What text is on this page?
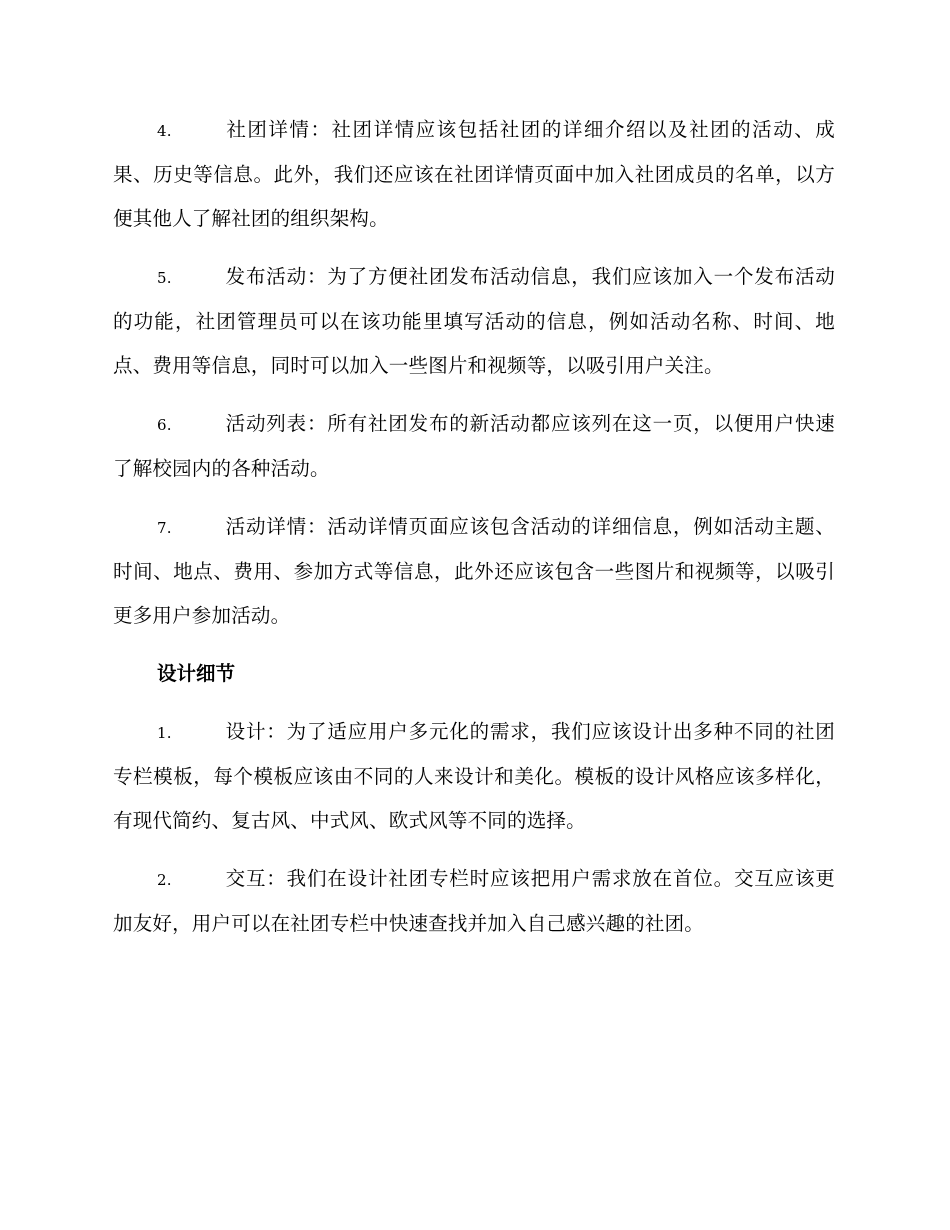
4.	社团详情：社团详情应该包括社团的详细介绍以及社团的活动、成果、历史等信息。此外，我们还应该在社团详情页面中加入社团成员的名单，以方便其他人了解社团的组织架构。

5.	发布活动：为了方便社团发布活动信息，我们应该加入一个发布活动的功能，社团管理员可以在该功能里填写活动的信息，例如活动名称、时间、地点、费用等信息，同时可以加入一些图片和视频等，以吸引用户关注。

6.	活动列表：所有社团发布的新活动都应该列在这一页，以便用户快速了解校园内的各种活动。

7.	活动详情：活动详情页面应该包含活动的详细信息，例如活动主题、时间、地点、费用、参加方式等信息，此外还应该包含一些图片和视频等，以吸引更多用户参加活动。

设计细节

1.	设计：为了适应用户多元化的需求，我们应该设计出多种不同的社团专栏模板，每个模板应该由不同的人来设计和美化。模板的设计风格应该多样化，有现代简约、复古风、中式风、欧式风等不同的选择。

2.	交互：我们在设计社团专栏时应该把用户需求放在首位。交互应该更加友好，用户可以在社团专栏中快速查找并加入自己感兴趣的社团。
